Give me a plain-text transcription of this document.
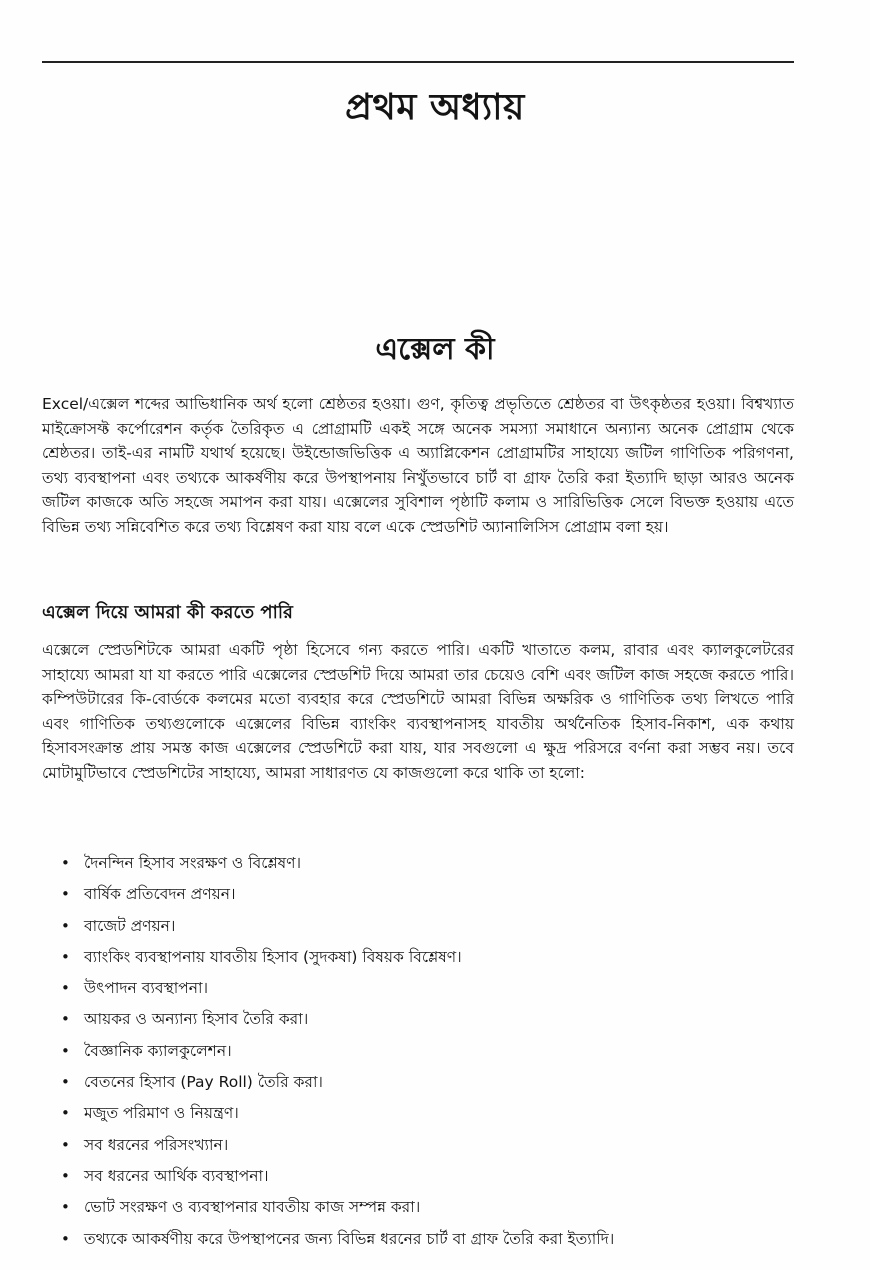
প্রথম অধ্যায়
এক্সেল কী

Excel/এক্সেল শব্দের আভিধানিক অর্থ হলো শ্রেষ্ঠতর হওয়া। গুণ, কৃতিত্ব প্রভৃতিতে শ্রেষ্ঠতর বা উৎকৃষ্ঠতর হওয়া। বিশ্বখ্যাত মাইক্রোসফ্ট কর্পোরেশন কর্তৃক তৈরিকৃত এ প্রোগ্রামটি একই সঙ্গে অনেক সমস্যা সমাধানে অন্যান্য অনেক প্রোগ্রাম থেকে শ্রেষ্ঠতর। তাই-এর নামটি যথার্থ হয়েছে। উইন্ডোজভিত্তিক এ অ্যাপ্লিকেশন প্রোগ্রামটির সাহায্যে জটিল গাণিতিক পরিগণনা, তথ্য ব্যবস্থাপনা এবং তথ্যকে আকর্ষণীয় করে উপস্থাপনায় নিখুঁতভাবে চার্ট বা গ্রাফ তৈরি করা ইত্যাদি ছাড়া আরও অনেক জটিল কাজকে অতি সহজে সমাপন করা যায়। এক্সেলের সুবিশাল পৃষ্ঠাটি কলাম ও সারিভিত্তিক সেলে বিভক্ত হওয়ায় এতে বিভিন্ন তথ্য সন্নিবেশিত করে তথ্য বিশ্লেষণ করা যায় বলে একে স্প্রেডশিট অ্যানালিসিস প্রোগ্রাম বলা হয়।

এক্সেল দিয়ে আমরা কী করতে পারি

এক্সেলে স্প্রেডশিটকে আমরা একটি পৃষ্ঠা হিসেবে গন্য করতে পারি। একটি খাতাতে কলম, রাবার এবং ক্যালকুলেটরের সাহায্যে আমরা যা যা করতে পারি এক্সেলের স্প্রেডশিট দিয়ে আমরা তার চেয়েও বেশি এবং জটিল কাজ সহজে করতে পারি। কম্পিউটারের কি-বোর্ডকে কলমের মতো ব্যবহার করে স্প্রেডশিটে আমরা বিভিন্ন অক্ষরিক ও গাণিতিক তথ্য লিখতে পারি এবং গাণিতিক তথ্যগুলোকে এক্সেলের বিভিন্ন ব্যাংকিং ব্যবস্থাপনাসহ যাবতীয় অর্থনৈতিক হিসাব-নিকাশ, এক কথায় হিসাবসংক্রান্ত প্রায় সমস্ত কাজ এক্সেলের স্প্রেডশিটে করা যায়, যার সবগুলো এ ক্ষুদ্র পরিসরে বর্ণনা করা সম্ভব নয়। তবে মোটামুটিভাবে স্প্রেডশিটের সাহায্যে, আমরা সাধারণত যে কাজগুলো করে থাকি তা হলো:

• দৈনন্দিন হিসাব সংরক্ষণ ও বিশ্লেষণ।
• বার্ষিক প্রতিবেদন প্রণয়ন।
• বাজেট প্রণয়ন।
• ব্যাংকিং ব্যবস্থাপনায় যাবতীয় হিসাব (সুদকষা) বিষয়ক বিশ্লেষণ।
• উৎপাদন ব্যবস্থাপনা।
• আয়কর ও অন্যান্য হিসাব তৈরি করা।
• বৈজ্ঞানিক ক্যালকুলেশন।
• বেতনের হিসাব (Pay Roll) তৈরি করা।
• মজুত পরিমাণ ও নিয়ন্ত্রণ।
• সব ধরনের পরিসংখ্যান।
• সব ধরনের আর্থিক ব্যবস্থাপনা।
• ভোট সংরক্ষণ ও ব্যবস্থাপনার যাবতীয় কাজ সম্পন্ন করা।
• তথ্যকে আকর্ষণীয় করে উপস্থাপনের জন্য বিভিন্ন ধরনের চার্ট বা গ্রাফ তৈরি করা ইত্যাদি।
